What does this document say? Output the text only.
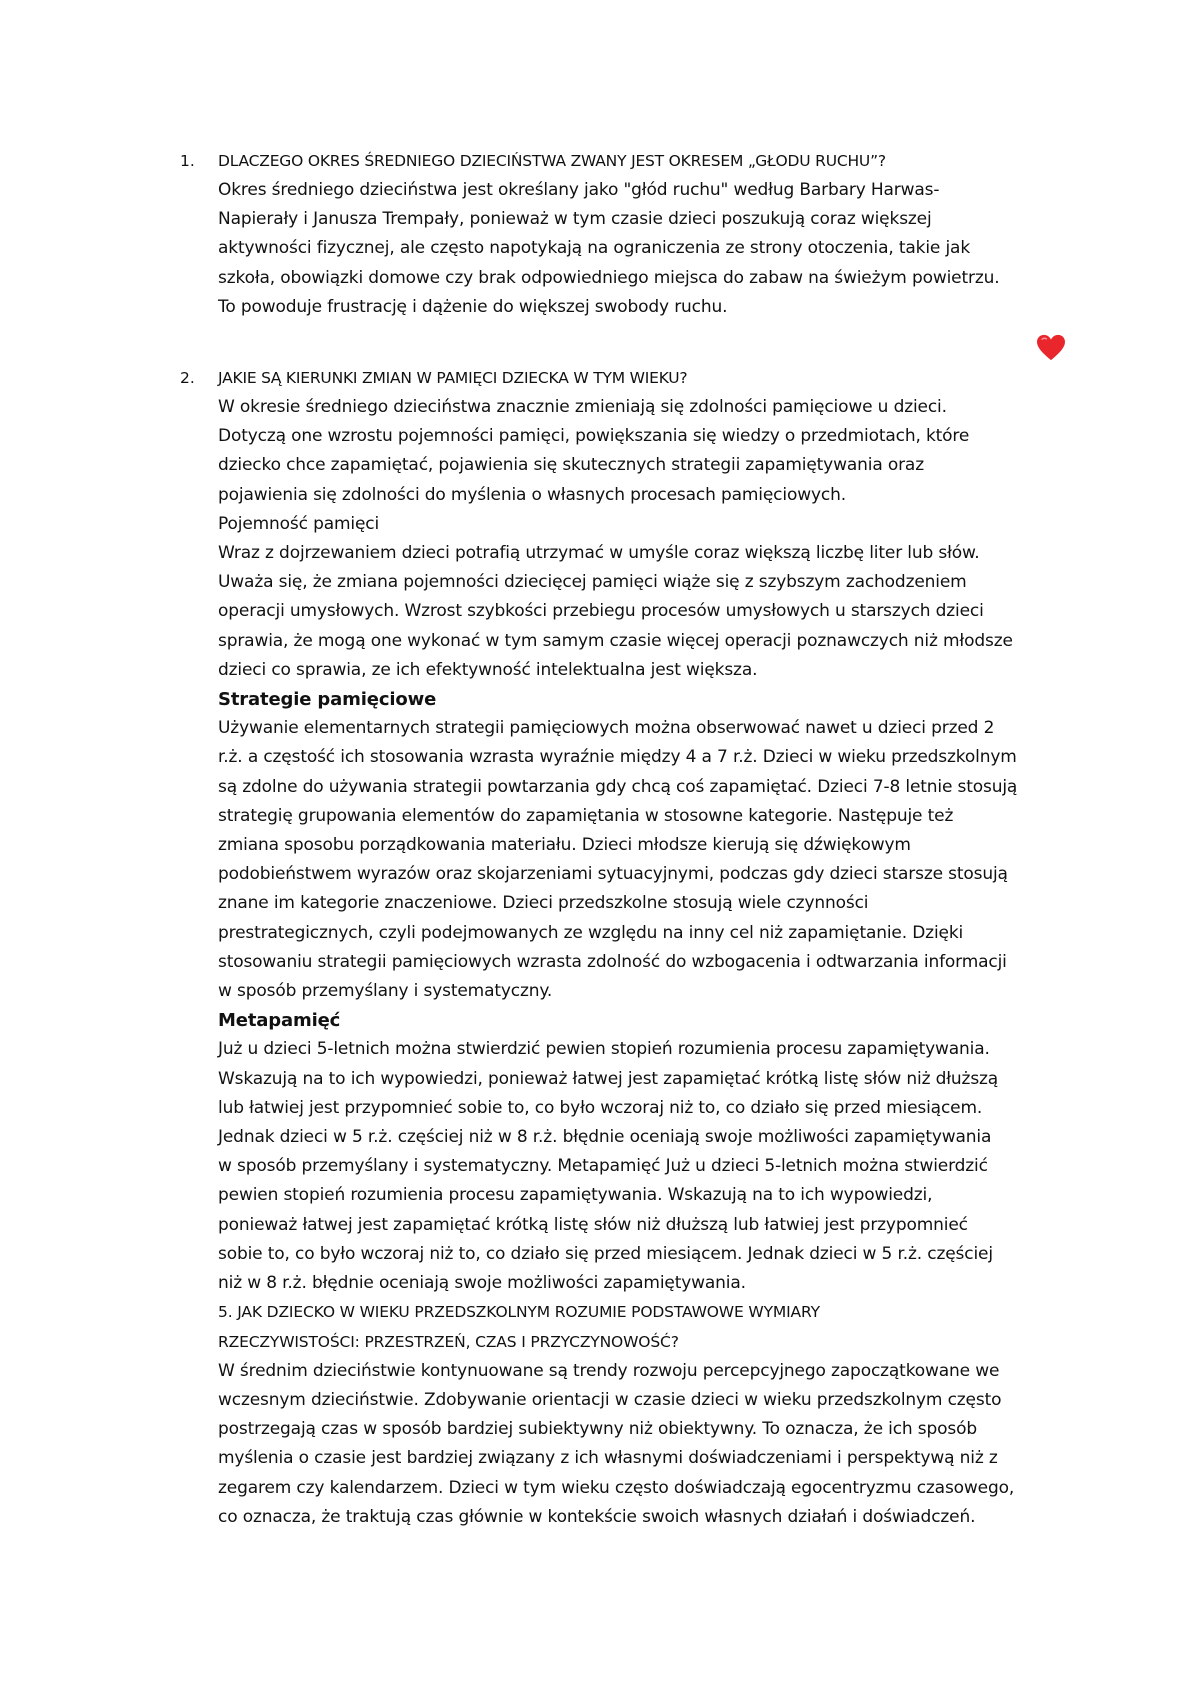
1. DLACZEGO OKRES ŚREDNIEGO DZIECIŃSTWA ZWANY JEST OKRESEM „GŁODU RUCHU”?
Okres średniego dzieciństwa jest określany jako "głód ruchu" według Barbary Harwas-
Napierały i Janusza Trempały, ponieważ w tym czasie dzieci poszukują coraz większej
aktywności fizycznej, ale często napotykają na ograniczenia ze strony otoczenia, takie jak
szkoła, obowiązki domowe czy brak odpowiedniego miejsca do zabaw na świeżym powietrzu.
To powoduje frustrację i dążenie do większej swobody ruchu.
2. JAKIE SĄ KIERUNKI ZMIAN W PAMIĘCI DZIECKA W TYM WIEKU?
W okresie średniego dzieciństwa znacznie zmieniają się zdolności pamięciowe u dzieci.
Dotyczą one wzrostu pojemności pamięci, powiększania się wiedzy o przedmiotach, które
dziecko chce zapamiętać, pojawienia się skutecznych strategii zapamiętywania oraz
pojawienia się zdolności do myślenia o własnych procesach pamięciowych.
Pojemność pamięci
Wraz z dojrzewaniem dzieci potrafią utrzymać w umyśle coraz większą liczbę liter lub słów.
Uważa się, że zmiana pojemności dziecięcej pamięci wiąże się z szybszym zachodzeniem
operacji umysłowych. Wzrost szybkości przebiegu procesów umysłowych u starszych dzieci
sprawia, że mogą one wykonać w tym samym czasie więcej operacji poznawczych niż młodsze
dzieci co sprawia, ze ich efektywność intelektualna jest większa.
Strategie pamięciowe
Używanie elementarnych strategii pamięciowych można obserwować nawet u dzieci przed 2
r.ż. a częstość ich stosowania wzrasta wyraźnie między 4 a 7 r.ż. Dzieci w wieku przedszkolnym
są zdolne do używania strategii powtarzania gdy chcą coś zapamiętać. Dzieci 7-8 letnie stosują
strategię grupowania elementów do zapamiętania w stosowne kategorie. Następuje też
zmiana sposobu porządkowania materiału. Dzieci młodsze kierują się dźwiękowym
podobieństwem wyrazów oraz skojarzeniami sytuacyjnymi, podczas gdy dzieci starsze stosują
znane im kategorie znaczeniowe. Dzieci przedszkolne stosują wiele czynności
prestrategicznych, czyli podejmowanych ze względu na inny cel niż zapamiętanie. Dzięki
stosowaniu strategii pamięciowych wzrasta zdolność do wzbogacenia i odtwarzania informacji
w sposób przemyślany i systematyczny.
Metapamięć
Już u dzieci 5-letnich można stwierdzić pewien stopień rozumienia procesu zapamiętywania.
Wskazują na to ich wypowiedzi, ponieważ łatwej jest zapamiętać krótką listę słów niż dłuższą
lub łatwiej jest przypomnieć sobie to, co było wczoraj niż to, co działo się przed miesiącem.
Jednak dzieci w 5 r.ż. częściej niż w 8 r.ż. błędnie oceniają swoje możliwości zapamiętywania
w sposób przemyślany i systematyczny. Metapamięć Już u dzieci 5-letnich można stwierdzić
pewien stopień rozumienia procesu zapamiętywania. Wskazują na to ich wypowiedzi,
ponieważ łatwej jest zapamiętać krótką listę słów niż dłuższą lub łatwiej jest przypomnieć
sobie to, co było wczoraj niż to, co działo się przed miesiącem. Jednak dzieci w 5 r.ż. częściej
niż w 8 r.ż. błędnie oceniają swoje możliwości zapamiętywania.
5. JAK DZIECKO W WIEKU PRZEDSZKOLNYM ROZUMIE PODSTAWOWE WYMIARY
RZECZYWISTOŚCI: PRZESTRZEŃ, CZAS I PRZYCZYNOWOŚĆ?
W średnim dzieciństwie kontynuowane są trendy rozwoju percepcyjnego zapoczątkowane we
wczesnym dzieciństwie. Zdobywanie orientacji w czasie dzieci w wieku przedszkolnym często
postrzegają czas w sposób bardziej subiektywny niż obiektywny. To oznacza, że ich sposób
myślenia o czasie jest bardziej związany z ich własnymi doświadczeniami i perspektywą niż z
zegarem czy kalendarzem. Dzieci w tym wieku często doświadczają egocentryzmu czasowego,
co oznacza, że traktują czas głównie w kontekście swoich własnych działań i doświadczeń.
